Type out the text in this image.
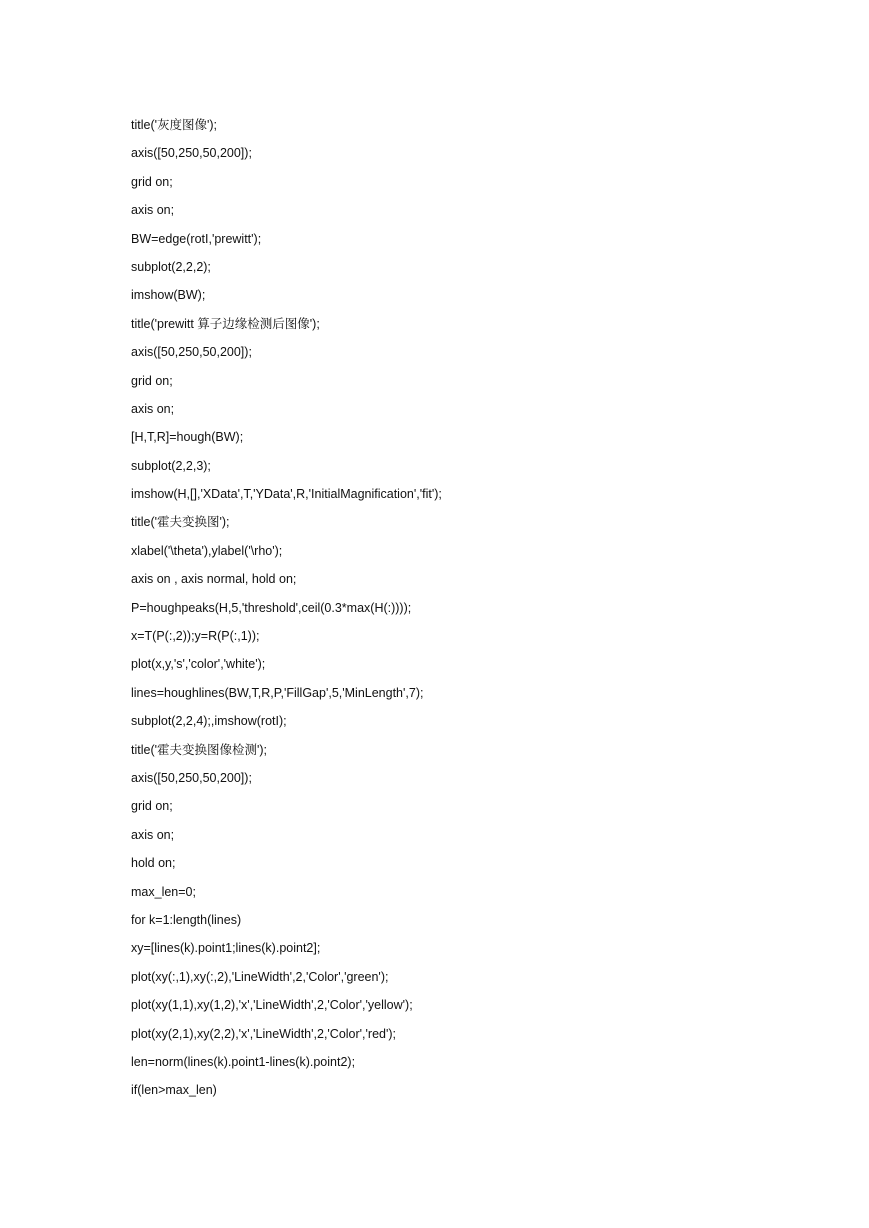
title('灰度图像');
axis([50,250,50,200]);
grid on;
axis on;
BW=edge(rotI,'prewitt');
subplot(2,2,2);
imshow(BW);
title('prewitt 算子边缘检测后图像');
axis([50,250,50,200]);
grid on;
axis on;
[H,T,R]=hough(BW);
subplot(2,2,3);
imshow(H,[],'XData',T,'YData',R,'InitialMagnification','fit');
title('霍夫变换图');
xlabel('\theta'),ylabel('\rho');
axis on , axis normal, hold on;
P=houghpeaks(H,5,'threshold',ceil(0.3*max(H(:))));
x=T(P(:,2));y=R(P(:,1));
plot(x,y,'s','color','white');
lines=houghlines(BW,T,R,P,'FillGap',5,'MinLength',7);
subplot(2,2,4);,imshow(rotI);
title('霍夫变换图像检测');
axis([50,250,50,200]);
grid on;
axis on;
hold on;
max_len=0;
for k=1:length(lines)
xy=[lines(k).point1;lines(k).point2];
plot(xy(:,1),xy(:,2),'LineWidth',2,'Color','green');
plot(xy(1,1),xy(1,2),'x','LineWidth',2,'Color','yellow');
plot(xy(2,1),xy(2,2),'x','LineWidth',2,'Color','red');
len=norm(lines(k).point1-lines(k).point2);
if(len>max_len)
